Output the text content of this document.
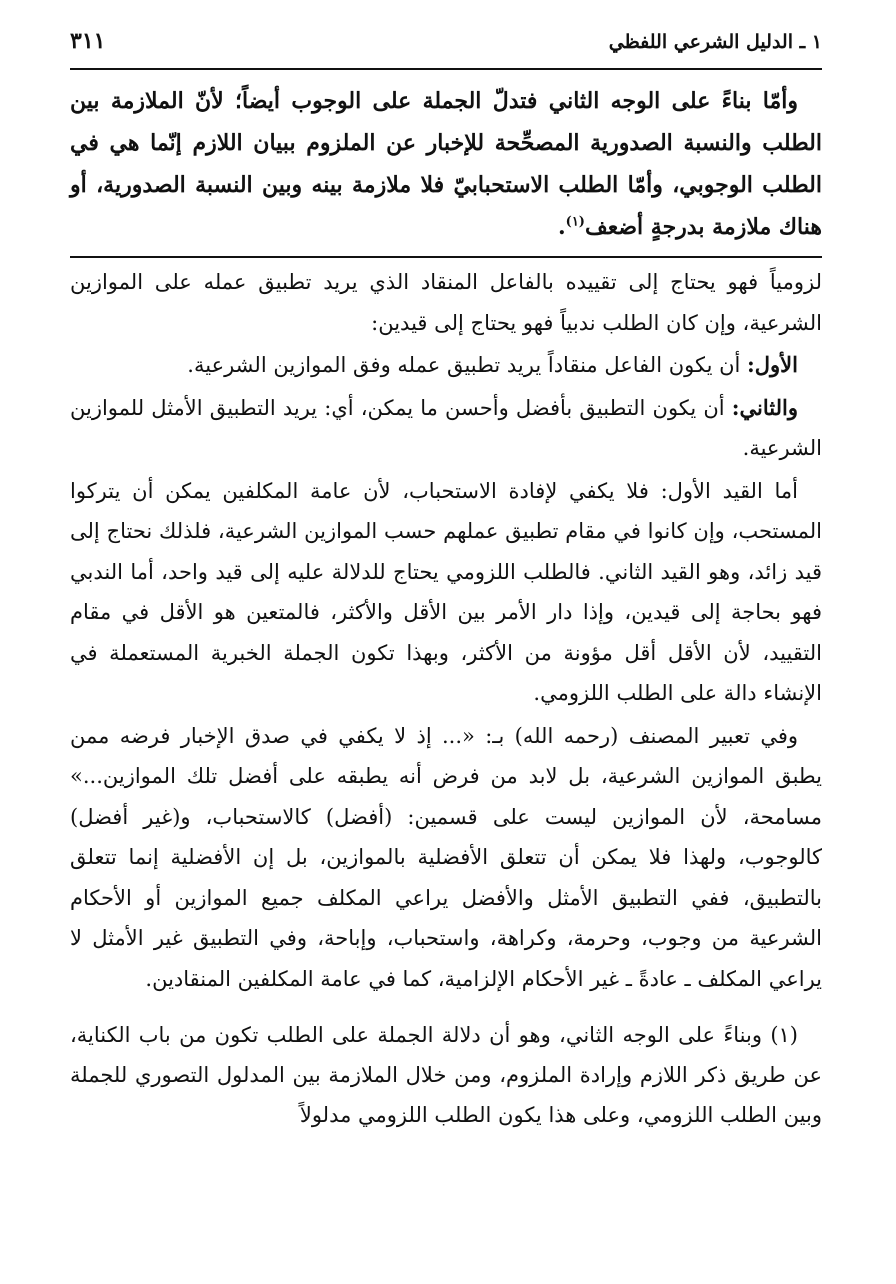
١ ـ الدليل الشرعي اللفظي
٣١١

وأمّا بناءً على الوجه الثاني فتدلّ الجملة على الوجوب أيضاً؛ لأنّ الملازمة بين الطلب والنسبة الصدورية المصحِّحة للإخبار عن الملزوم ببيان اللازم إنّما هي في الطلب الوجوبي، وأمّا الطلب الاستحبابيّ فلا ملازمة بينه وبين النسبة الصدورية، أو هناك ملازمة بدرجةٍ أضعف$^{(١)}$.

لزومياً فهو يحتاج إلى تقييده بالفاعل المنقاد الذي يريد تطبيق عمله على الموازين الشرعية، وإن كان الطلب ندبياً فهو يحتاج إلى قيدين:

الأول: أن يكون الفاعل منقاداً يريد تطبيق عمله وفق الموازين الشرعية.

والثاني: أن يكون التطبيق بأفضل وأحسن ما يمكن، أي: يريد التطبيق الأمثل للموازين الشرعية.

أما القيد الأول: فلا يكفي لإفادة الاستحباب، لأن عامة المكلفين يمكن أن يتركوا المستحب، وإن كانوا في مقام تطبيق عملهم حسب الموازين الشرعية، فلذلك نحتاج إلى قيد زائد، وهو القيد الثاني. فالطلب اللزومي يحتاج للدلالة عليه إلى قيد واحد، أما الندبي فهو بحاجة إلى قيدين، وإذا دار الأمر بين الأقل والأكثر، فالمتعين هو الأقل في مقام التقييد، لأن الأقل أقل مؤونة من الأكثر، وبهذا تكون الجملة الخبرية المستعملة في الإنشاء دالة على الطلب اللزومي.

وفي تعبير المصنف (رحمه الله) بـ: «... إذ لا يكفي في صدق الإخبار فرضه ممن يطبق الموازين الشرعية، بل لابد من فرض أنه يطبقه على أفضل تلك الموازين...» مسامحة، لأن الموازين ليست على قسمين: (أفضل) كالاستحباب، و(غير أفضل) كالوجوب، ولهذا فلا يمكن أن تتعلق الأفضلية بالموازين، بل إن الأفضلية إنما تتعلق بالتطبيق، ففي التطبيق الأمثل والأفضل يراعي المكلف جميع الموازين أو الأحكام الشرعية من وجوب، وحرمة، وكراهة، واستحباب، وإباحة، وفي التطبيق غير الأمثل لا يراعي المكلف ـ عادةً ـ غير الأحكام الإلزامية، كما في عامة المكلفين المنقادين.

(١) وبناءً على الوجه الثاني، وهو أن دلالة الجملة على الطلب تكون من باب الكناية، عن طريق ذكر اللازم وإرادة الملزوم، ومن خلال الملازمة بين المدلول التصوري للجملة وبين الطلب اللزومي، وعلى هذا يكون الطلب اللزومي مدلولاً
